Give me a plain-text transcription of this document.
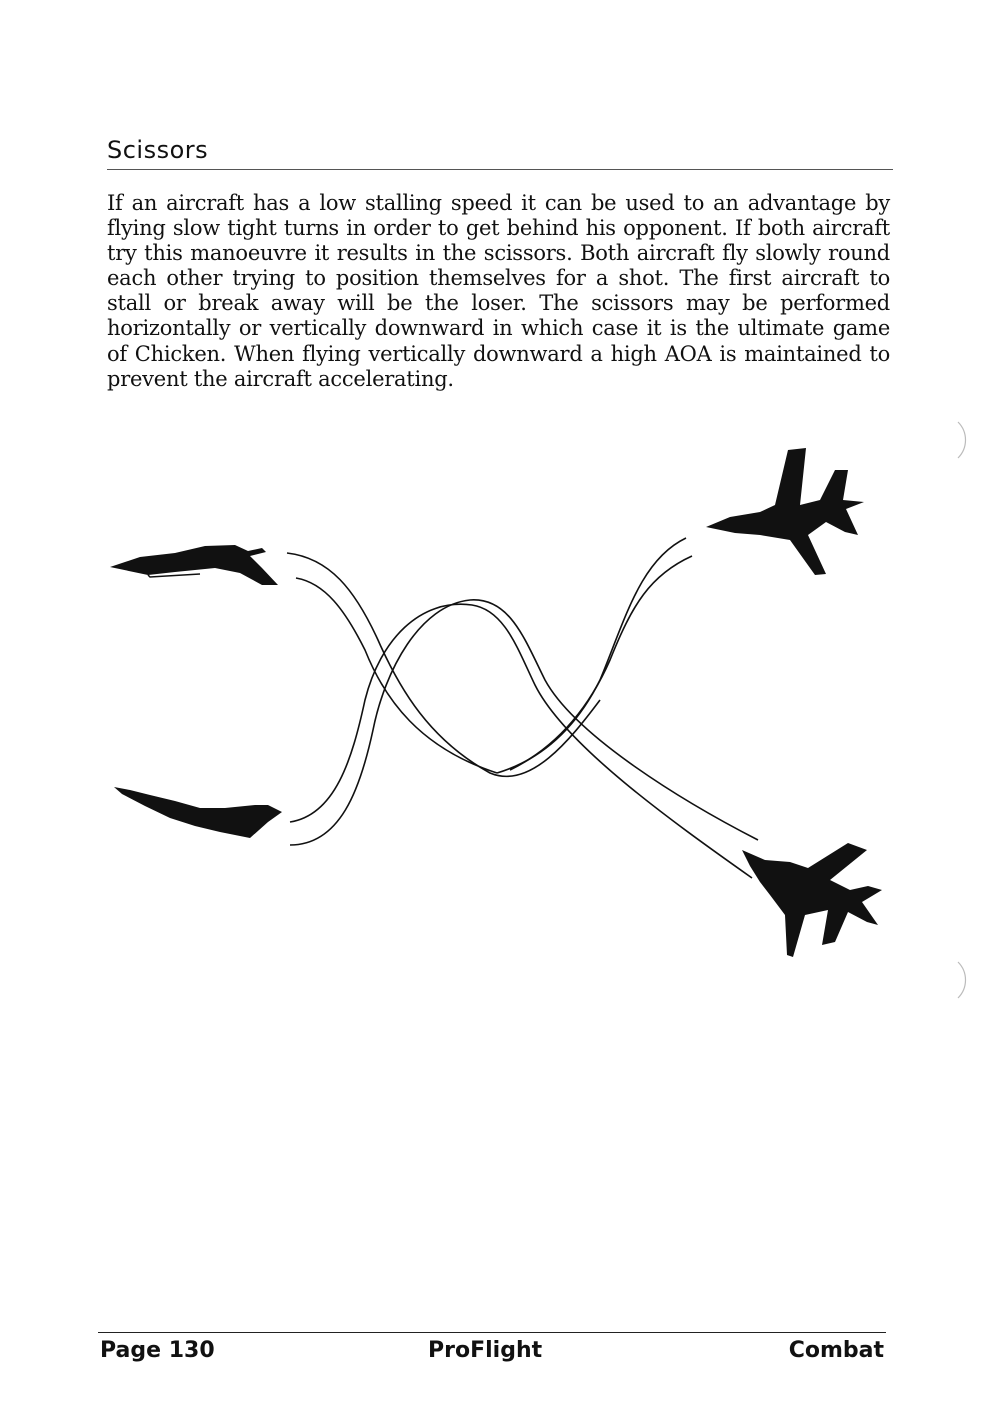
Scissors

If an aircraft has a low stalling speed it can be used to an advantage by flying slow tight turns in order to get behind his opponent. If both aircraft try this manoeuvre it results in the scissors. Both aircraft fly slowly round each other trying to position themselves for a shot. The first aircraft to stall or break away will be the loser. The scissors may be performed horizontally or vertically downward in which case it is the ultimate game of Chicken. When flying vertically downward a high AOA is maintained to prevent the aircraft accelerating.

Page 130	ProFlight	Combat
